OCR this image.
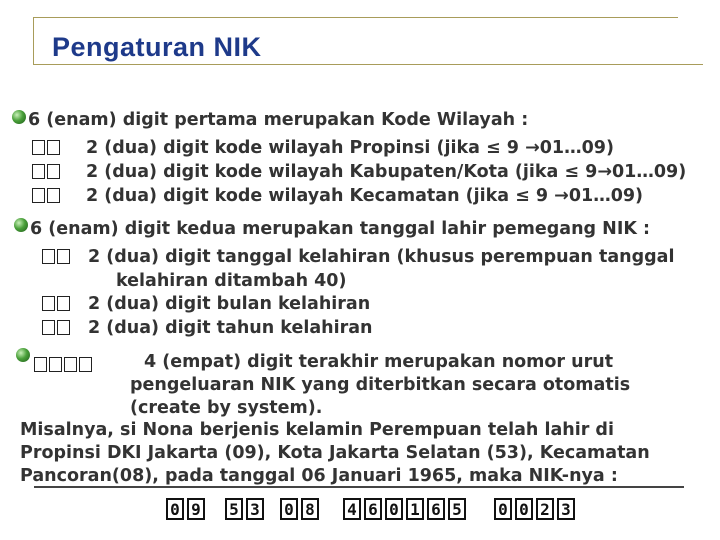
Pengaturan NIK
6 (enam) digit pertama merupakan Kode Wilayah :
2 (dua) digit kode wilayah Propinsi (jika ≤ 9 →01…09)
2 (dua) digit kode wilayah Kabupaten/Kota (jika ≤ 9→01…09)
2 (dua) digit kode wilayah Kecamatan (jika ≤ 9 →01…09)
6 (enam) digit kedua merupakan tanggal lahir pemegang NIK :
2 (dua) digit tanggal kelahiran (khusus perempuan tanggal
kelahiran ditambah 40)
2 (dua) digit bulan kelahiran
2 (dua) digit tahun kelahiran
4 (empat) digit terakhir merupakan nomor urut
pengeluaran NIK yang diterbitkan secara otomatis
(create by system).
Misalnya, si Nona berjenis kelamin Perempuan telah lahir di
Propinsi DKI Jakarta (09), Kota Jakarta Selatan (53), Kecamatan
Pancoran(08), pada tanggal 06 Januari 1965, maka NIK-nya :
0 9 5 3 0 8 4 6 0 1 6 5 0 0 2 3
